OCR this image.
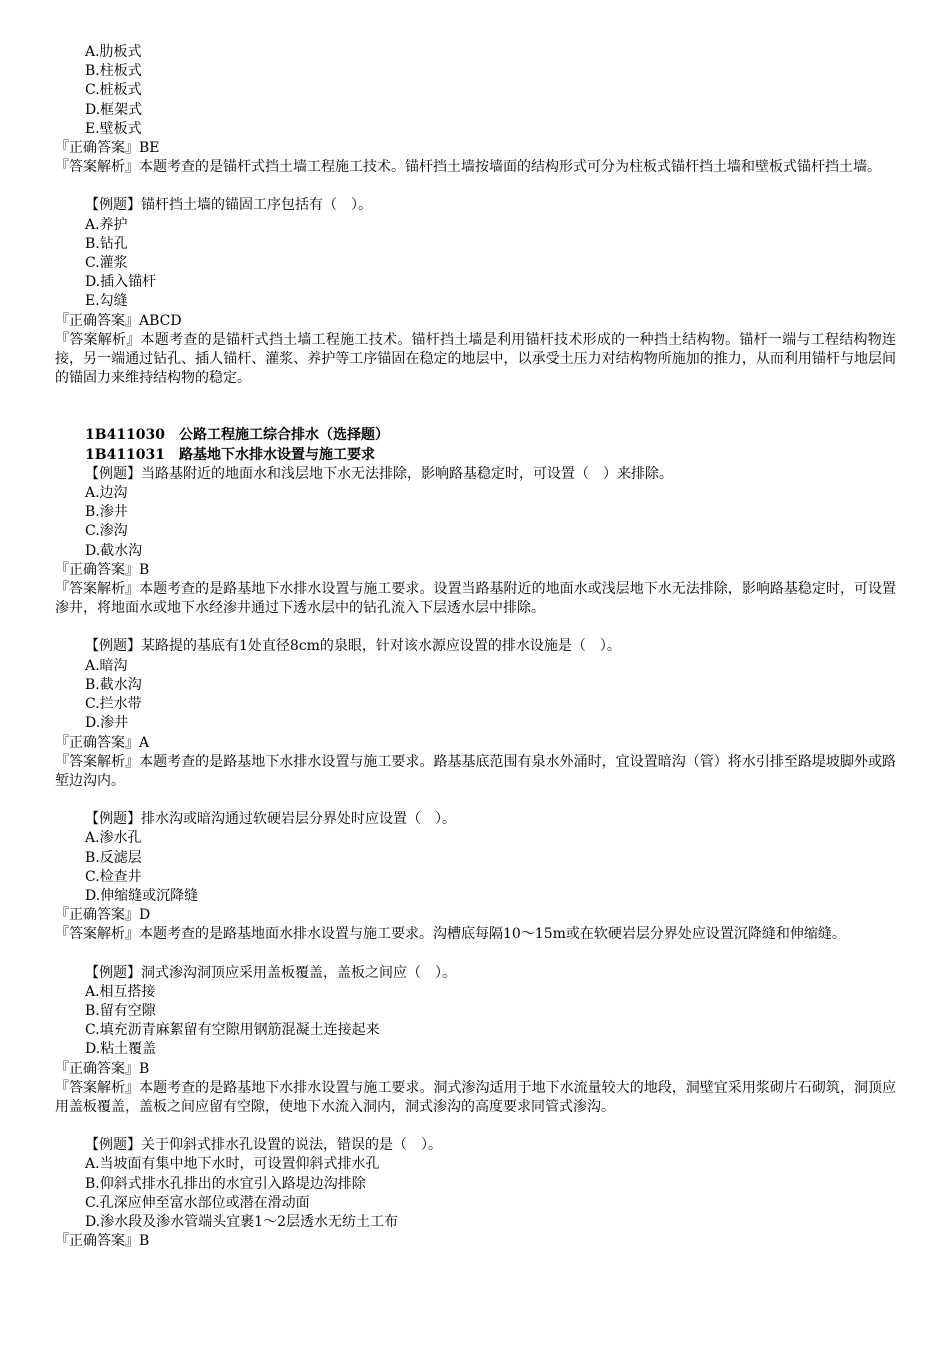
A.肋板式
B.柱板式
C.桩板式
D.框架式
E.壁板式
『正确答案』BE
『答案解析』本题考查的是锚杆式挡土墙工程施工技术。锚杆挡土墙按墙面的结构形式可分为柱板式锚杆挡土墙和壁板式锚杆挡土墙。
【例题】锚杆挡土墙的锚固工序包括有（　）。
A.养护
B.钻孔
C.灌浆
D.插入锚杆
E.勾缝
『正确答案』ABCD
『答案解析』本题考查的是锚杆式挡土墙工程施工技术。锚杆挡土墙是利用锚杆技术形成的一种挡土结构物。锚杆一端与工程结构物连接，另一端通过钻孔、插人锚杆、灌浆、养护等工序锚固在稳定的地层中，以承受土压力对结构物所施加的推力，从而利用锚杆与地层间的锚固力来维持结构物的稳定。
1B411030　公路工程施工综合排水（选择题）
1B411031　路基地下水排水设置与施工要求
【例题】当路基附近的地面水和浅层地下水无法排除，影响路基稳定时，可设置（　）来排除。
A.边沟
B.渗井
C.渗沟
D.截水沟
『正确答案』B
『答案解析』本题考查的是路基地下水排水设置与施工要求。设置当路基附近的地面水或浅层地下水无法排除，影响路基稳定时，可设置渗井，将地面水或地下水经渗井通过下透水层中的钻孔流入下层透水层中排除。
【例题】某路提的基底有1处直径8cm的泉眼，针对该水源应设置的排水设施是（　）。
A.暗沟
B.截水沟
C.拦水带
D.渗井
『正确答案』A
『答案解析』本题考查的是路基地下水排水设置与施工要求。路基基底范围有泉水外涌时，宜设置暗沟（管）将水引排至路堤坡脚外或路堑边沟内。
【例题】排水沟或暗沟通过软硬岩层分界处时应设置（　）。
A.渗水孔
B.反滤层
C.检查井
D.伸缩缝或沉降缝
『正确答案』D
『答案解析』本题考查的是路基地面水排水设置与施工要求。沟槽底每隔10～15m或在软硬岩层分界处应设置沉降缝和伸缩缝。
【例题】洞式渗沟洞顶应采用盖板覆盖，盖板之间应（　）。
A.相互搭接
B.留有空隙
C.填充沥青麻絮留有空隙用钢筋混凝土连接起来
D.粘土覆盖
『正确答案』B
『答案解析』本题考查的是路基地下水排水设置与施工要求。洞式渗沟适用于地下水流量较大的地段，洞壁宜采用浆砌片石砌筑，洞顶应用盖板覆盖，盖板之间应留有空隙，使地下水流入洞内，洞式渗沟的高度要求同管式渗沟。
【例题】关于仰斜式排水孔设置的说法，错误的是（　）。
A.当坡面有集中地下水时，可设置仰斜式排水孔
B.仰斜式排水孔排出的水宜引入路堤边沟排除
C.孔深应伸至富水部位或潜在滑动面
D.渗水段及渗水管端头宜裹1～2层透水无纺土工布
『正确答案』B
